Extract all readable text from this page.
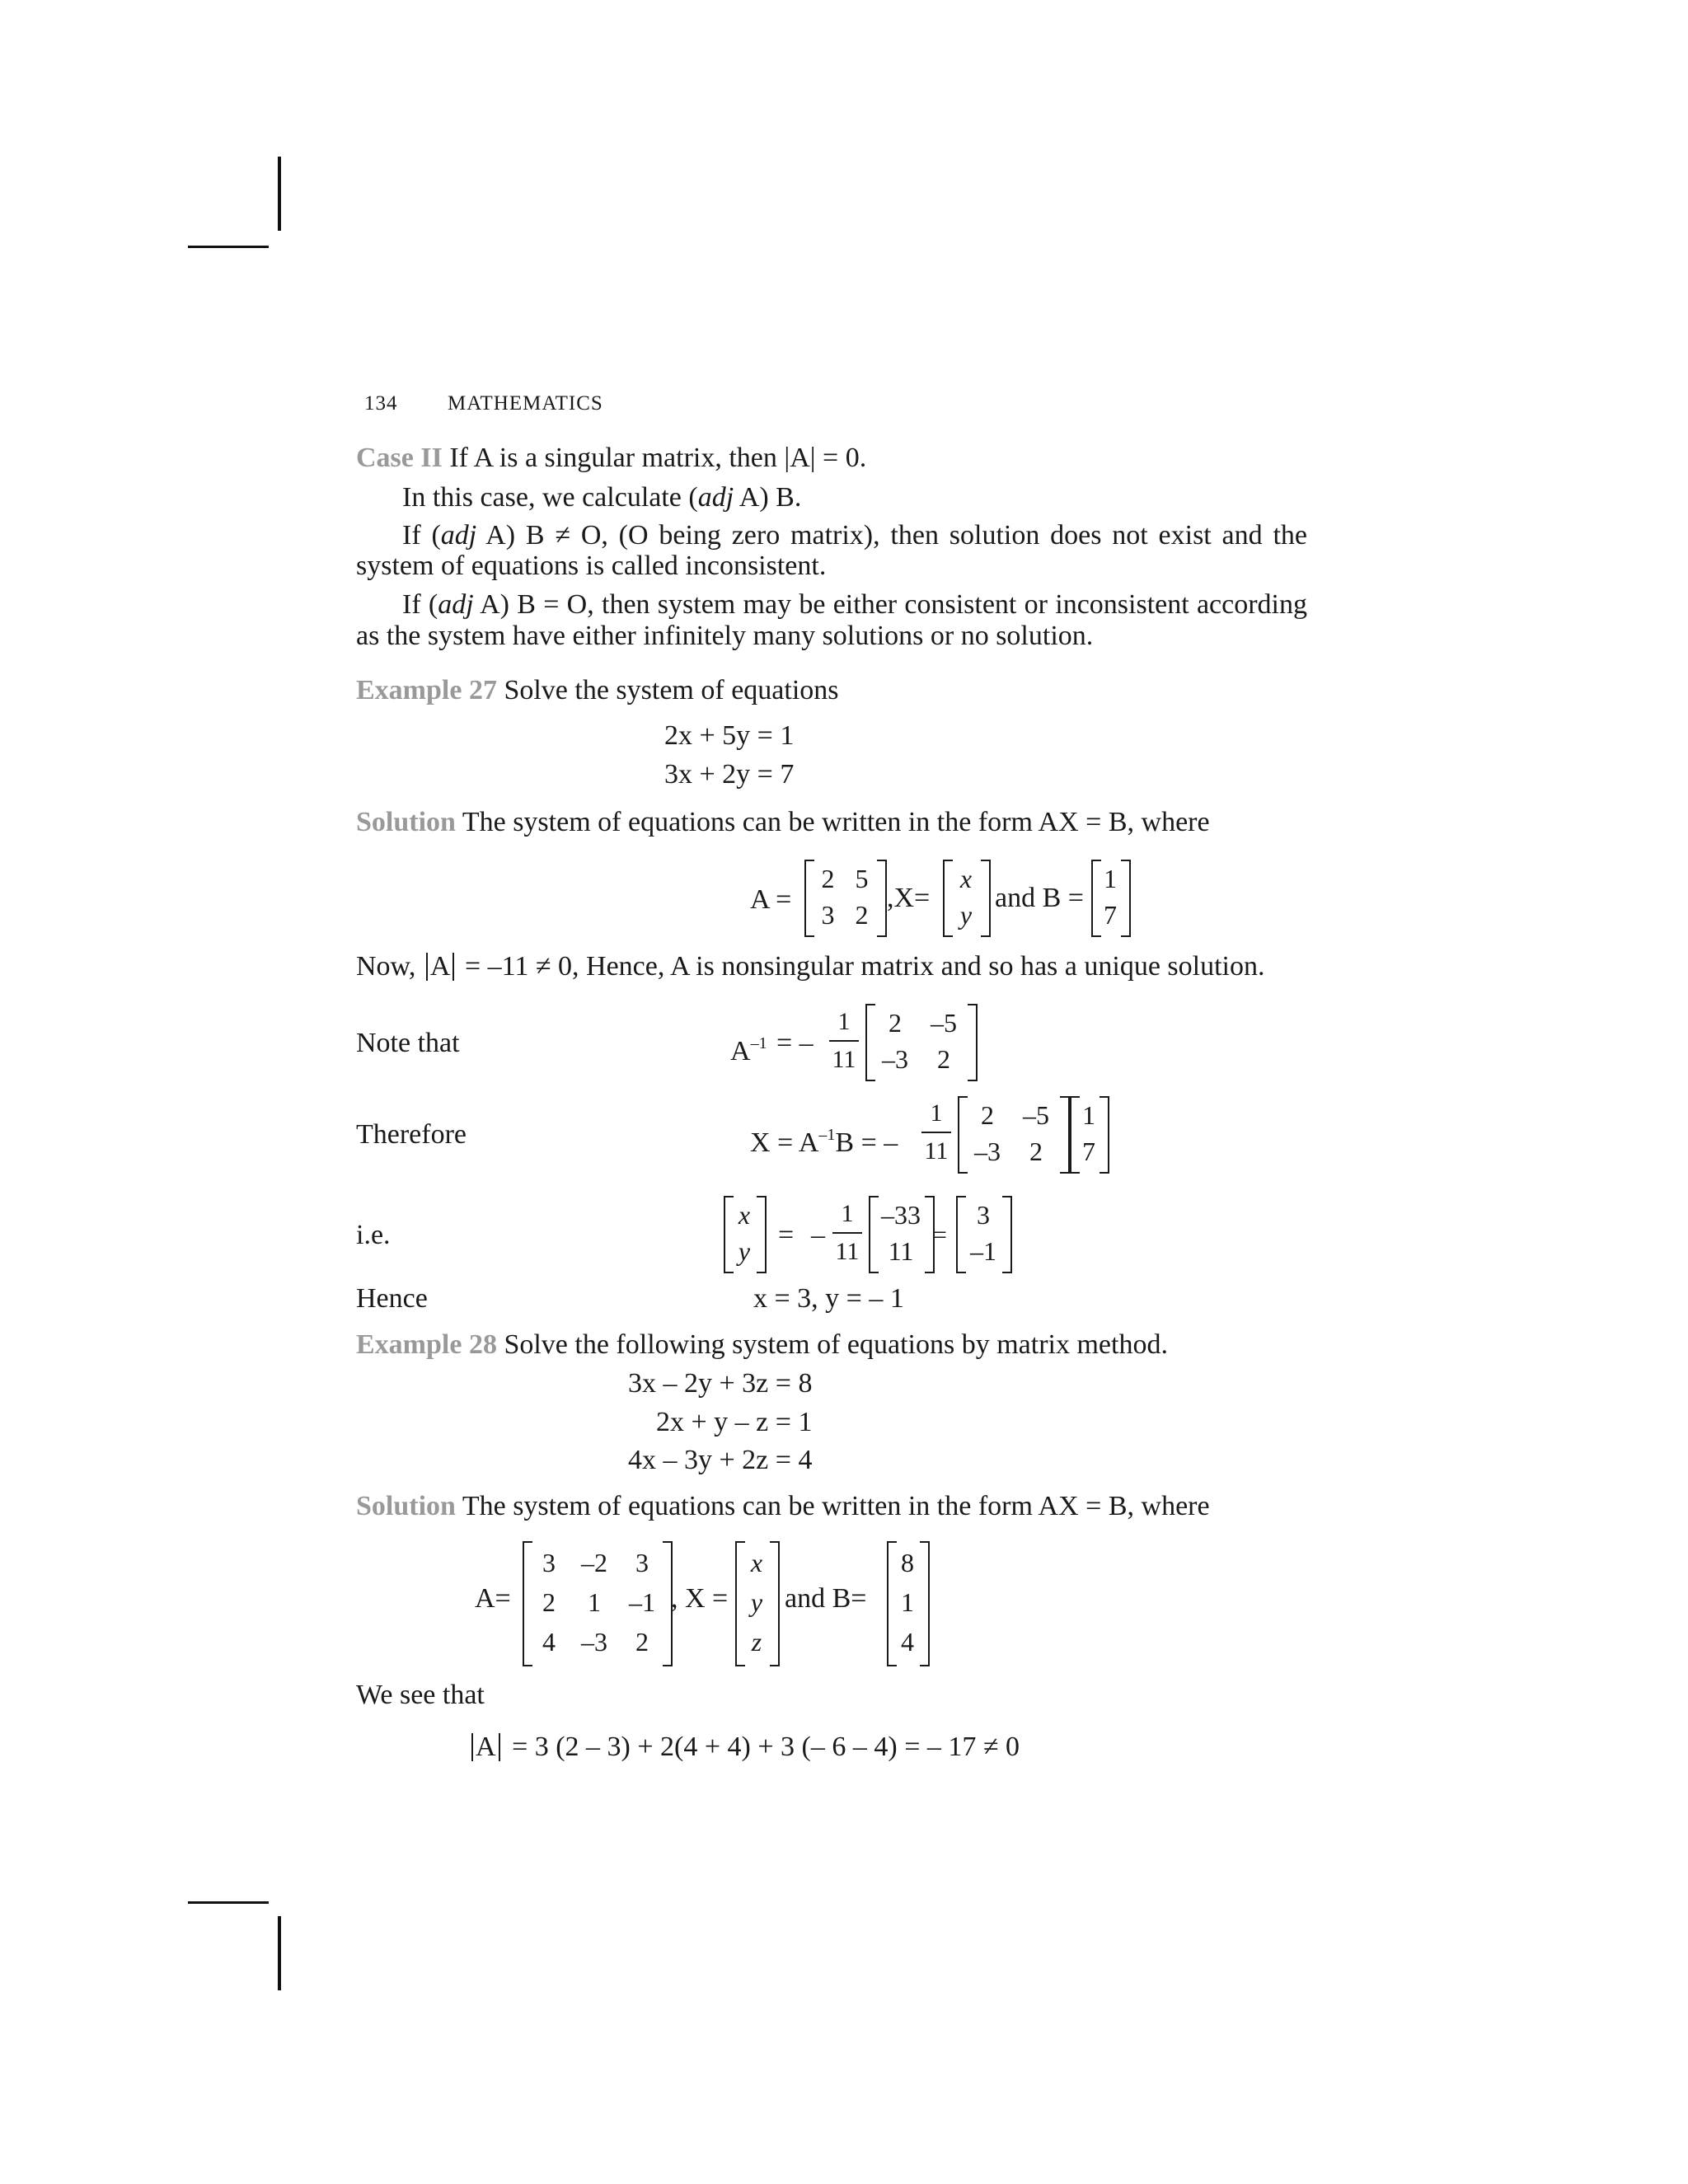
134 MATHEMATICS
Case II If A is a singular matrix, then |A| = 0.
In this case, we calculate (adj A) B.
If (adj A) B ≠ O, (O being zero matrix), then solution does not exist and the
system of equations is called inconsistent.
If (adj A) B = O, then system may be either consistent or inconsistent according
as the system have either infinitely many solutions or no solution.
Example 27 Solve the system of equations
2x + 5y = 1
3x + 2y = 7
Solution The system of equations can be written in the form AX = B, where
A =
2 5
3 2
,X=
x
y
and B =
1
7
Now, A = –11 ≠ 0, Hence, A is nonsingular matrix and so has a unique solution.
Note that	$A^{-1}$ = –
1
11
2 –5
–3 2
Therefore	$X = A^{-1}B$ = –
1
11
2 –5
–3 2
1
7
i.e.
x
y
= –
1
11
–33
11
=
3
–1
Hence	x = 3, y = – 1
Example 28 Solve the following system of equations by matrix method.
3x – 2y + 3z = 8
2x + y – z = 1
4x – 3y + 2z = 4
Solution The system of equations can be written in the form AX = B, where
A=
3 –2 3
2 1 –1
4 –3 2
, X =
x
y
z
and B=
8
1
4
We see that
A = 3 (2 – 3) + 2(4 + 4) + 3 (– 6 – 4) = – 17 ≠ 0
